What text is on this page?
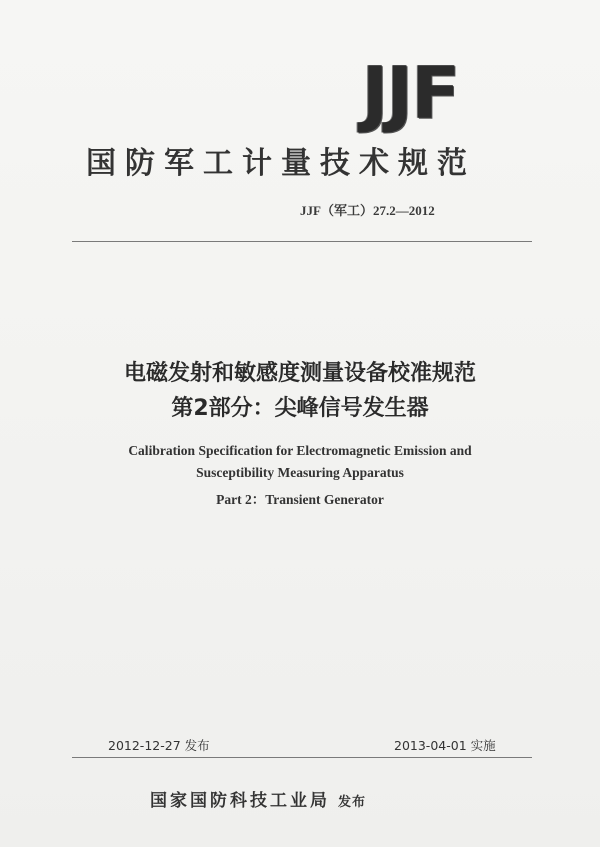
JJF
国防军工计量技术规范
JJF（军工）27.2—2012
电磁发射和敏感度测量设备校准规范
第2部分：尖峰信号发生器
Calibration Specification for Electromagnetic Emission and
Susceptibility Measuring Apparatus
Part 2：Transient Generator
2012-12-27 发布	2013-04-01 实施
国家国防科技工业局 发布
